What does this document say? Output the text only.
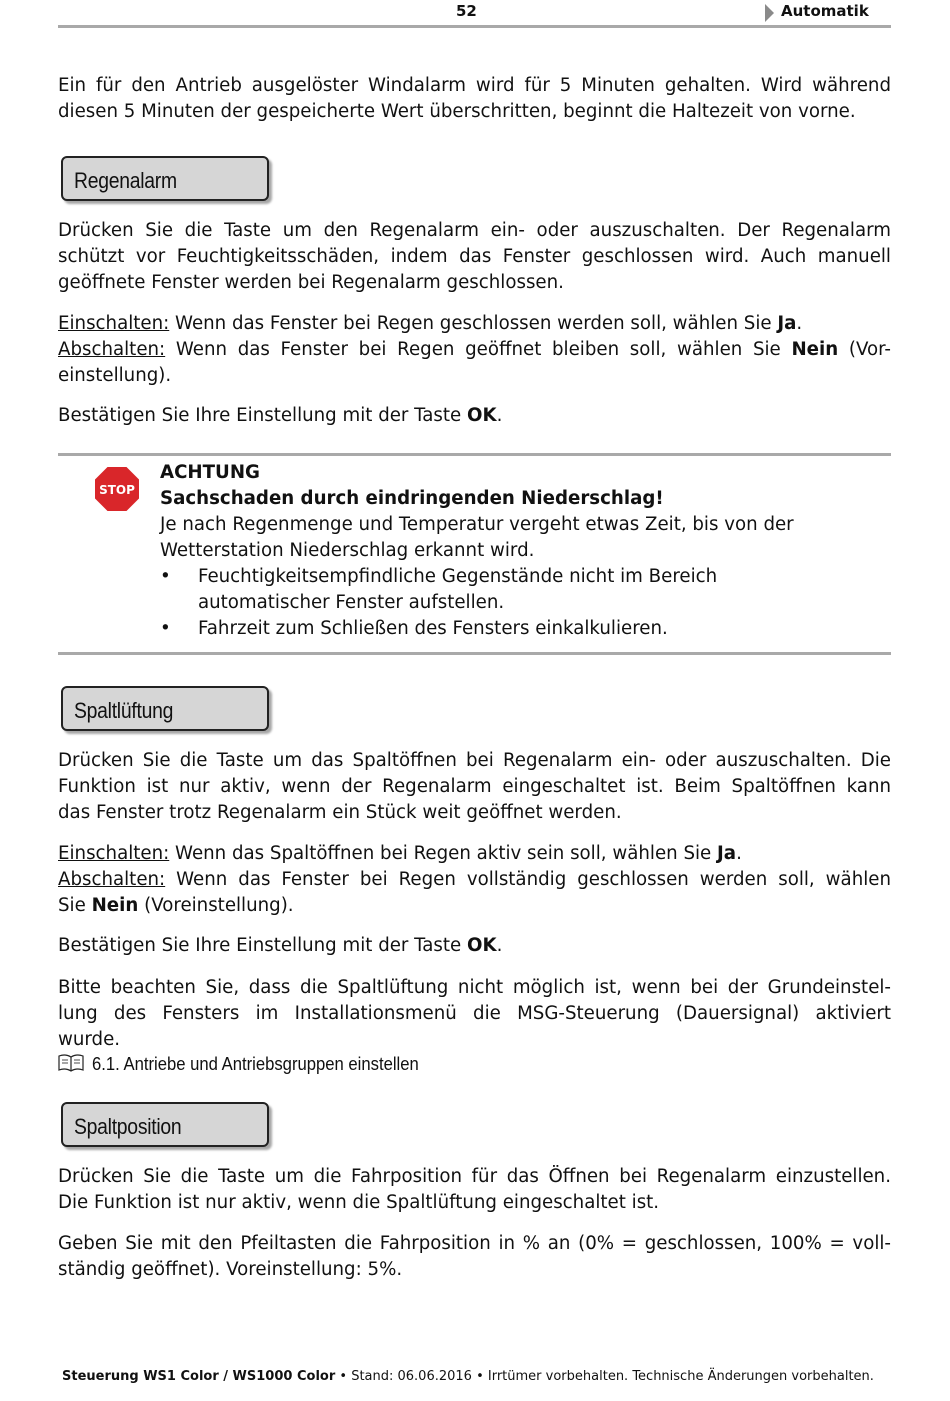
52	Automatik
Ein für den Antrieb ausgelöster Windalarm wird für 5 Minuten gehalten. Wird während
diesen 5 Minuten der gespeicherte Wert überschritten, beginnt die Haltezeit von vorne.
Regenalarm
Drücken Sie die Taste um den Regenalarm ein- oder auszuschalten. Der Regenalarm
schützt vor Feuchtigkeitsschäden, indem das Fenster geschlossen wird. Auch manuell
geöffnete Fenster werden bei Regenalarm geschlossen.
Einschalten: Wenn das Fenster bei Regen geschlossen werden soll, wählen Sie Ja.
Abschalten: Wenn das Fenster bei Regen geöffnet bleiben soll, wählen Sie Nein (Vor-
einstellung).
Bestätigen Sie Ihre Einstellung mit der Taste OK.
STOP
ACHTUNG
Sachschaden durch eindringenden Niederschlag!
Je nach Regenmenge und Temperatur vergeht etwas Zeit, bis von der
Wetterstation Niederschlag erkannt wird.
• Feuchtigkeitsempfindliche Gegenstände nicht im Bereich
automatischer Fenster aufstellen.
• Fahrzeit zum Schließen des Fensters einkalkulieren.
Spaltlüftung
Drücken Sie die Taste um das Spaltöffnen bei Regenalarm ein- oder auszuschalten. Die
Funktion ist nur aktiv, wenn der Regenalarm eingeschaltet ist. Beim Spaltöffnen kann
das Fenster trotz Regenalarm ein Stück weit geöffnet werden.
Einschalten: Wenn das Spaltöffnen bei Regen aktiv sein soll, wählen Sie Ja.
Abschalten: Wenn das Fenster bei Regen vollständig geschlossen werden soll, wählen
Sie Nein (Voreinstellung).
Bestätigen Sie Ihre Einstellung mit der Taste OK.
Bitte beachten Sie, dass die Spaltlüftung nicht möglich ist, wenn bei der Grundeinstel-
lung des Fensters im Installationsmenü die MSG-Steuerung (Dauersignal) aktiviert
wurde.
6.1. Antriebe und Antriebsgruppen einstellen
Spaltposition
Drücken Sie die Taste um die Fahrposition für das Öffnen bei Regenalarm einzustellen.
Die Funktion ist nur aktiv, wenn die Spaltlüftung eingeschaltet ist.
Geben Sie mit den Pfeiltasten die Fahrposition in % an (0% = geschlossen, 100% = voll-
ständig geöffnet). Voreinstellung: 5%.
Steuerung WS1 Color / WS1000 Color • Stand: 06.06.2016 • Irrtümer vorbehalten. Technische Änderungen vorbehalten.
